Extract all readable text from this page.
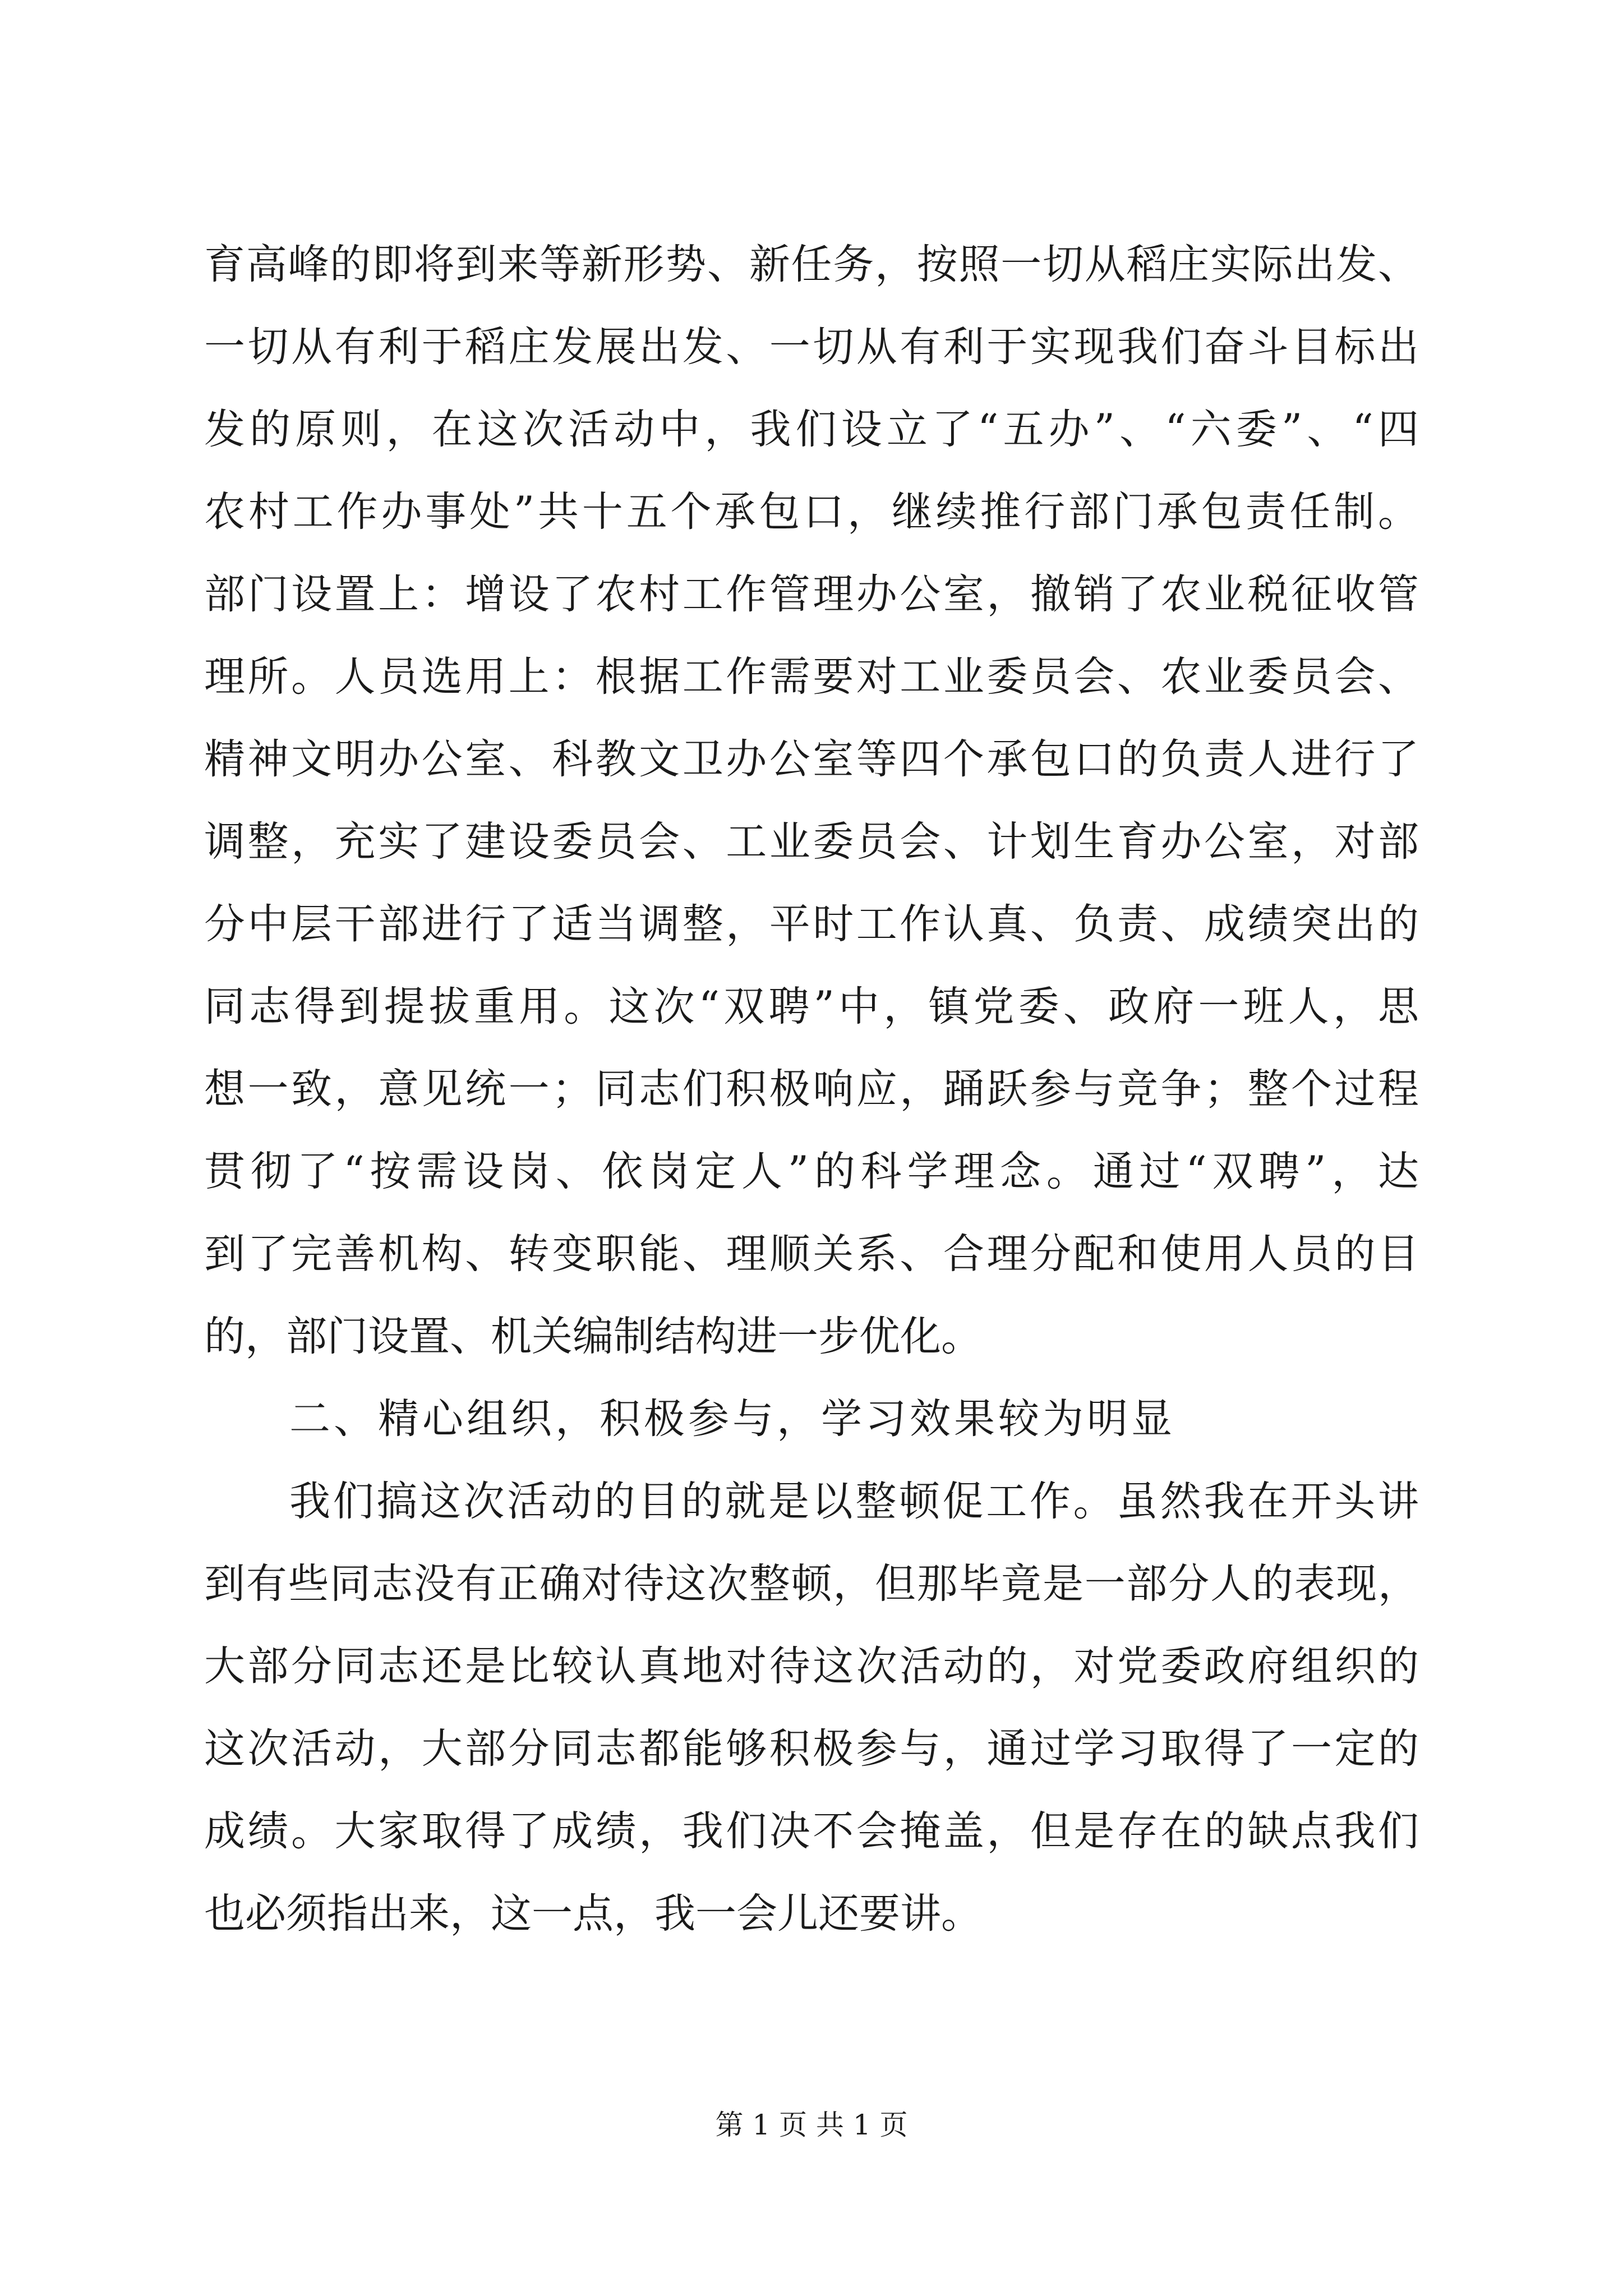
育高峰的即将到来等新形势、新任务，按照一切从稻庄实际出发、
一切从有利于稻庄发展出发、一切从有利于实现我们奋斗目标出
发的原则，在这次活动中，我们设立了“五办”、“六委”、“四
农村工作办事处”共十五个承包口，继续推行部门承包责任制。
部门设置上：增设了农村工作管理办公室，撤销了农业税征收管
理所。人员选用上：根据工作需要对工业委员会、农业委员会、
精神文明办公室、科教文卫办公室等四个承包口的负责人进行了
调整，充实了建设委员会、工业委员会、计划生育办公室，对部
分中层干部进行了适当调整，平时工作认真、负责、成绩突出的
同志得到提拔重用。这次“双聘”中，镇党委、政府一班人，思
想一致，意见统一；同志们积极响应，踊跃参与竞争；整个过程
贯彻了“按需设岗、依岗定人”的科学理念。通过“双聘”，达
到了完善机构、转变职能、理顺关系、合理分配和使用人员的目
的，部门设置、机关编制结构进一步优化。
二、精心组织，积极参与，学习效果较为明显
我们搞这次活动的目的就是以整顿促工作。虽然我在开头讲
到有些同志没有正确对待这次整顿，但那毕竟是一部分人的表现，
大部分同志还是比较认真地对待这次活动的，对党委政府组织的
这次活动，大部分同志都能够积极参与，通过学习取得了一定的
成绩。大家取得了成绩，我们决不会掩盖，但是存在的缺点我们
也必须指出来，这一点，我一会儿还要讲。
第 1 页 共 1 页
